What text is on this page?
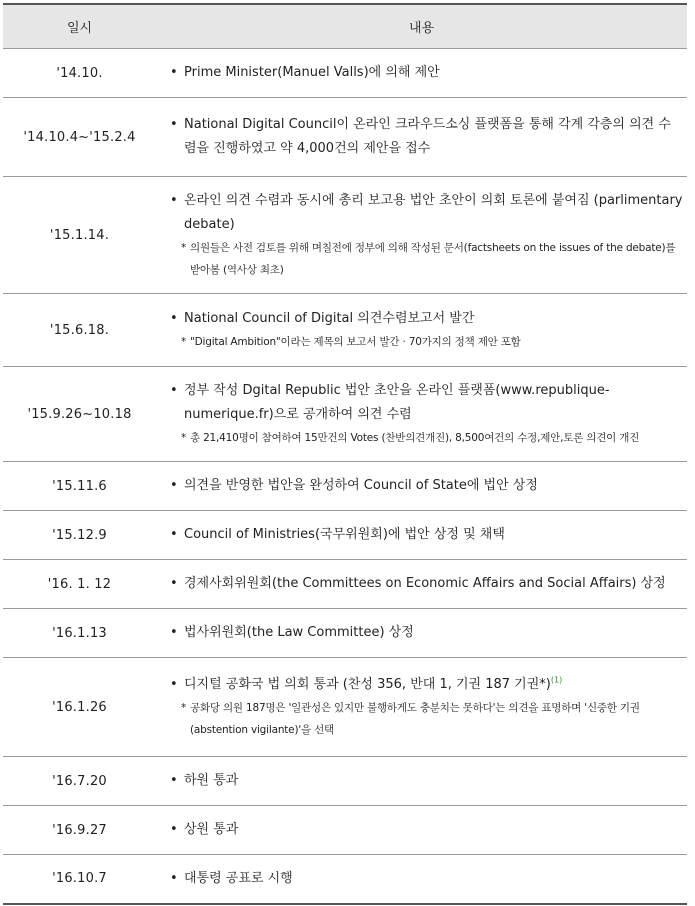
일시	내용
'14.10.	• Prime Minister(Manuel Valls)에 의해 제안

'14.10.4~'15.2.4	• National Digital Council이 온라인 크라우드소싱 플랫폼을 통해 각계 각층의 의견 수렴을 진행하였고 약 4,000건의 제안을 접수

'15.1.14.	• 온라인 의견 수렴과 동시에 총리 보고용 법안 초안이 의회 토론에 붙여짐 (parlimentary debate)
* 의원들은 사전 검토를 위해 며칠전에 정부에 의해 작성된 문서(factsheets on the issues of the debate)를 받아봄 (역사상 최초)

'15.6.18.	• National Council of Digital 의견수렴보고서 발간
* "Digital Ambition"이라는 제목의 보고서 발간 · 70가지의 정책 제안 포함

'15.9.26~10.18	• 정부 작성 Dgital Republic 법안 초안을 온라인 플랫폼(www.republique-numerique.fr)으로 공개하여 의견 수렴
* 총 21,410명이 참여하여 15만건의 Votes (찬반의견개진), 8,500여건의 수정,제안,토론 의견이 개진

'15.11.6	• 의견을 반영한 법안을 완성하여 Council of State에 법안 상정

'15.12.9	• Council of Ministries(국무위원회)에 법안 상정 및 채택

'16. 1. 12	• 경제사회위원회(the Committees on Economic Affairs and Social Affairs) 상정

'16.1.13	• 법사위원회(the Law Committee) 상정

'16.1.26	• 디지털 공화국 법 의회 통과 (찬성 356, 반대 1, 기권 187 기권*)$^{(1)}$
* 공화당 의원 187명은 '일관성은 있지만 불행하게도 충분치는 못하다'는 의견을 표명하며 '신중한 기권(abstention vigilante)'을 선택

'16.7.20	• 하원 통과

'16.9.27	• 상원 통과

'16.10.7	• 대통령 공표로 시행
